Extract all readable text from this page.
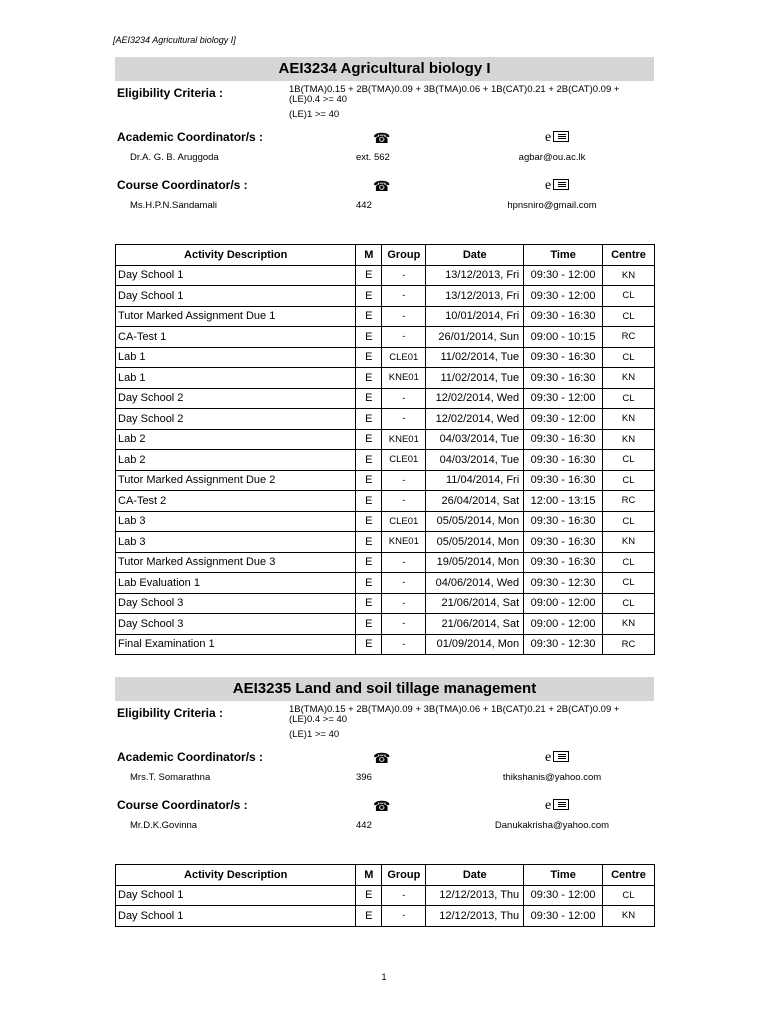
[AEI3234 Agricultural biology I]
AEI3234 Agricultural biology I
Eligibility Criteria :	1B(TMA)0.15 + 2B(TMA)0.09 + 3B(TMA)0.06 + 1B(CAT)0.21 + 2B(CAT)0.09 + (LE)0.4 >= 40
(LE)1 >= 40
Academic Coordinator/s :	☎	e
Dr.A. G. B. Aruggoda	ext. 562	agbar@ou.ac.lk
Course Coordinator/s :	☎	e
Ms.H.P.N.Sandamali	442	hpnsniro@gmail.com
Activity Description	M	Group	Date	Time	Centre
Day School 1	E	-	13/12/2013, Fri	09:30 - 12:00	KN
Day School 1	E	-	13/12/2013, Fri	09:30 - 12:00	CL
Tutor Marked Assignment Due 1	E	-	10/01/2014, Fri	09:30 - 16:30	CL
CA-Test 1	E	-	26/01/2014, Sun	09:00 - 10:15	RC
Lab 1	E	CLE01	11/02/2014, Tue	09:30 - 16:30	CL
Lab 1	E	KNE01	11/02/2014, Tue	09:30 - 16:30	KN
Day School 2	E	-	12/02/2014, Wed	09:30 - 12:00	CL
Day School 2	E	-	12/02/2014, Wed	09:30 - 12:00	KN
Lab 2	E	KNE01	04/03/2014, Tue	09:30 - 16:30	KN
Lab 2	E	CLE01	04/03/2014, Tue	09:30 - 16:30	CL
Tutor Marked Assignment Due 2	E	-	11/04/2014, Fri	09:30 - 16:30	CL
CA-Test 2	E	-	26/04/2014, Sat	12:00 - 13:15	RC
Lab 3	E	CLE01	05/05/2014, Mon	09:30 - 16:30	CL
Lab 3	E	KNE01	05/05/2014, Mon	09:30 - 16:30	KN
Tutor Marked Assignment Due 3	E	-	19/05/2014, Mon	09:30 - 16:30	CL
Lab Evaluation 1	E	-	04/06/2014, Wed	09:30 - 12:30	CL
Day School 3	E	-	21/06/2014, Sat	09:00 - 12:00	CL
Day School 3	E	-	21/06/2014, Sat	09:00 - 12:00	KN
Final Examination 1	E	-	01/09/2014, Mon	09:30 - 12:30	RC
AEI3235 Land and soil tillage management
Eligibility Criteria :	1B(TMA)0.15 + 2B(TMA)0.09 + 3B(TMA)0.06 + 1B(CAT)0.21 + 2B(CAT)0.09 + (LE)0.4 >= 40
(LE)1 >= 40
Academic Coordinator/s :	☎	e
Mrs.T. Somarathna	396	thikshanis@yahoo.com
Course Coordinator/s :	☎	e
Mr.D.K.Govinna	442	Danukakrisha@yahoo.com
Activity Description	M	Group	Date	Time	Centre
Day School 1	E	-	12/12/2013, Thu	09:30 - 12:00	CL
Day School 1	E	-	12/12/2013, Thu	09:30 - 12:00	KN
1
